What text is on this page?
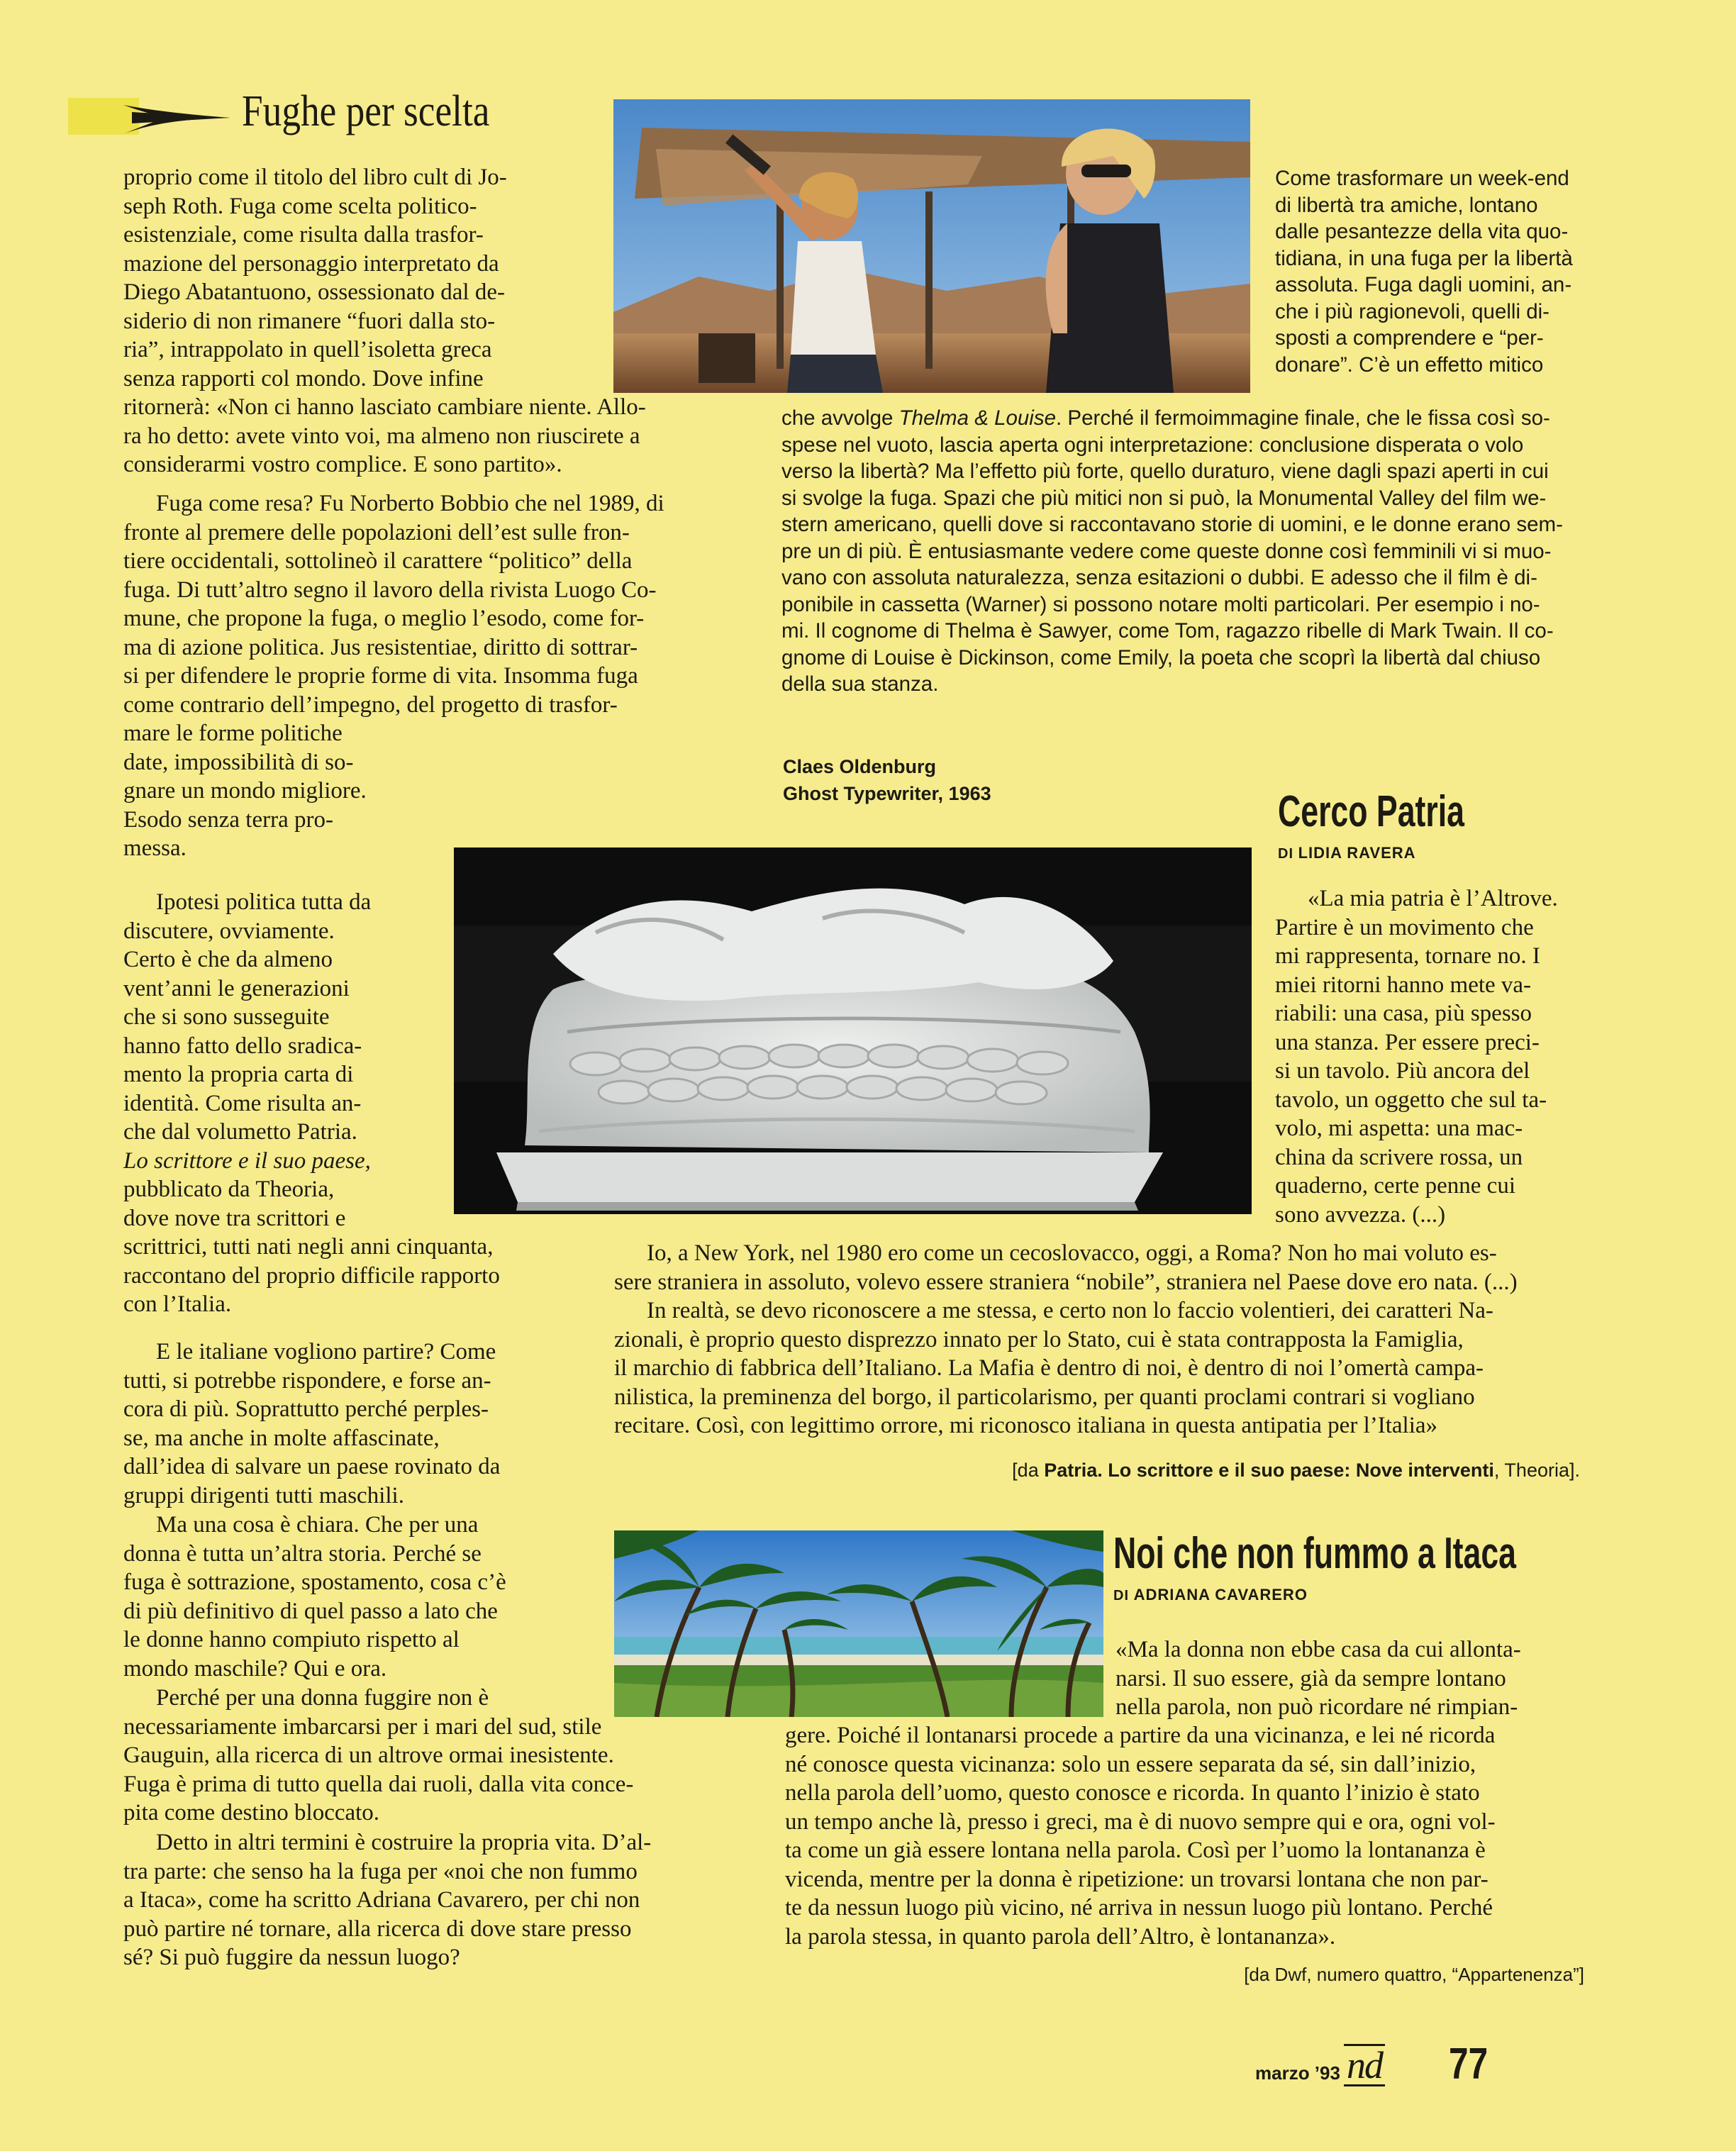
Fughe per scelta
proprio come il titolo del libro cult di Jo-
seph Roth. Fuga come scelta politico-
esistenziale, come risulta dalla trasfor-
mazione del personaggio interpretato da
Diego Abatantuono, ossessionato dal de-
siderio di non rimanere “fuori dalla sto-
ria”, intrappolato in quell’isoletta greca
senza rapporti col mondo. Dove infine
ritornerà: «Non ci hanno lasciato cambiare niente. Allo-
ra ho detto: avete vinto voi, ma almeno non riuscirete a
considerarmi vostro complice. E sono partito».
Fuga come resa? Fu Norberto Bobbio che nel 1989, di
fronte al premere delle popolazioni dell’est sulle fron-
tiere occidentali, sottolineò il carattere “politico” della
fuga. Di tutt’altro segno il lavoro della rivista Luogo Co-
mune, che propone la fuga, o meglio l’esodo, come for-
ma di azione politica. Jus resistentiae, diritto di sottrar-
si per difendere le proprie forme di vita. Insomma fuga
come contrario dell’impegno, del progetto di trasfor-
mare le forme politiche
date, impossibilità di so-
gnare un mondo migliore.
Esodo senza terra pro-
messa.
Ipotesi politica tutta da
discutere, ovviamente.
Certo è che da almeno
vent’anni le generazioni
che si sono susseguite
hanno fatto dello sradica-
mento la propria carta di
identità. Come risulta an-
che dal volumetto Patria.
Lo scrittore e il suo paese,
pubblicato da Theoria,
dove nove tra scrittori e
scrittrici, tutti nati negli anni cinquanta,
raccontano del proprio difficile rapporto
con l’Italia.
E le italiane vogliono partire? Come
tutti, si potrebbe rispondere, e forse an-
cora di più. Soprattutto perché perples-
se, ma anche in molte affascinate,
dall’idea di salvare un paese rovinato da
gruppi dirigenti tutti maschili.
Ma una cosa è chiara. Che per una
donna è tutta un’altra storia. Perché se
fuga è sottrazione, spostamento, cosa c’è
di più definitivo di quel passo a lato che
le donne hanno compiuto rispetto al
mondo maschile? Qui e ora.
Perché per una donna fuggire non è
necessariamente imbarcarsi per i mari del sud, stile
Gauguin, alla ricerca di un altrove ormai inesistente.
Fuga è prima di tutto quella dai ruoli, dalla vita conce-
pita come destino bloccato.
Detto in altri termini è costruire la propria vita. D’al-
tra parte: che senso ha la fuga per «noi che non fummo
a Itaca», come ha scritto Adriana Cavarero, per chi non
può partire né tornare, alla ricerca di dove stare presso
sé? Si può fuggire da nessun luogo?
Come trasformare un week-end
di libertà tra amiche, lontano
dalle pesantezze della vita quo-
tidiana, in una fuga per la libertà
assoluta. Fuga dagli uomini, an-
che i più ragionevoli, quelli di-
sposti a comprendere e “per-
donare”. C’è un effetto mitico
che avvolge Thelma & Louise. Perché il fermoimmagine finale, che le fissa così so-
spese nel vuoto, lascia aperta ogni interpretazione: conclusione disperata o volo
verso la libertà? Ma l’effetto più forte, quello duraturo, viene dagli spazi aperti in cui
si svolge la fuga. Spazi che più mitici non si può, la Monumental Valley del film we-
stern americano, quelli dove si raccontavano storie di uomini, e le donne erano sem-
pre un di più. È entusiasmante vedere come queste donne così femminili vi si muo-
vano con assoluta naturalezza, senza esitazioni o dubbi. E adesso che il film è di-
ponibile in cassetta (Warner) si possono notare molti particolari. Per esempio i no-
mi. Il cognome di Thelma è Sawyer, come Tom, ragazzo ribelle di Mark Twain. Il co-
gnome di Louise è Dickinson, come Emily, la poeta che scoprì la libertà dal chiuso
della sua stanza.
Claes Oldenburg
Ghost Typewriter, 1963	Cerco Patria
DI LIDIA RAVERA
«La mia patria è l’Altrove.
Partire è un movimento che
mi rappresenta, tornare no. I
miei ritorni hanno mete va-
riabili: una casa, più spesso
una stanza. Per essere preci-
si un tavolo. Più ancora del
tavolo, un oggetto che sul ta-
volo, mi aspetta: una mac-
china da scrivere rossa, un
quaderno, certe penne cui
sono avvezza. (...)
Io, a New York, nel 1980 ero come un cecoslovacco, oggi, a Roma? Non ho mai voluto es-
sere straniera in assoluto, volevo essere straniera “nobile”, straniera nel Paese dove ero nata. (...)
In realtà, se devo riconoscere a me stessa, e certo non lo faccio volentieri, dei caratteri Na-
zionali, è proprio questo disprezzo innato per lo Stato, cui è stata contrapposta la Famiglia,
il marchio di fabbrica dell’Italiano. La Mafia è dentro di noi, è dentro di noi l’omertà campa-
nilistica, la preminenza del borgo, il particolarismo, per quanti proclami contrari si vogliano
recitare. Così, con legittimo orrore, mi riconosco italiana in questa antipatia per l’Italia»
[da Patria. Lo scrittore e il suo paese: Nove interventi, Theoria].
Noi che non fummo a Itaca
DI ADRIANA CAVARERO
«Ma la donna non ebbe casa da cui allonta-
narsi. Il suo essere, già da sempre lontano
nella parola, non può ricordare né rimpian-
gere. Poiché il lontanarsi procede a partire da una vicinanza, e lei né ricorda
né conosce questa vicinanza: solo un essere separata da sé, sin dall’inizio,
nella parola dell’uomo, questo conosce e ricorda. In quanto l’inizio è stato
un tempo anche là, presso i greci, ma è di nuovo sempre qui e ora, ogni vol-
ta come un già essere lontana nella parola. Così per l’uomo la lontananza è
vicenda, mentre per la donna è ripetizione: un trovarsi lontana che non par-
te da nessun luogo più vicino, né arriva in nessun luogo più lontano. Perché
la parola stessa, in quanto parola dell’Altro, è lontananza».
[da Dwf, numero quattro, “Appartenenza”]
marzo ’93 nd 77
